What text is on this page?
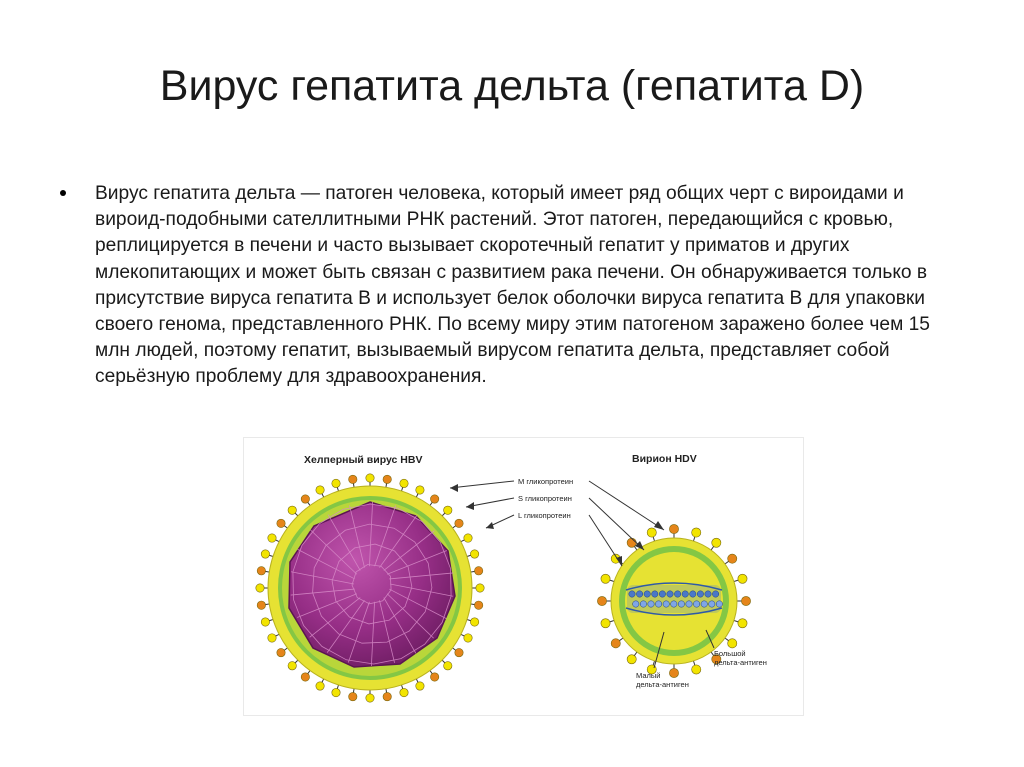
Вирус гепатита дельта (гепатита D)
Вирус гепатита дельта — патоген человека, который имеет ряд общих черт с вироидами и вироид-подобными сателлитными РНК растений. Этот патоген, передающийся с кровью, реплицируется в печени и часто вызывает скоротечный гепатит у приматов и других млекопитающих и может быть связан с развитием рака печени. Он обнаруживается только в присутствие вируса гепатита В и использует белок оболочки вируса гепатита В для упаковки своего генома, представленного РНК. По всему миру этим патогеном заражено более чем 15 млн людей, поэтому гепатит, вызываемый вирусом гепатита дельта, представляет собой серьёзную проблему для здравоохранения.
Хелперный вирус HBV	Вирион HDV
М гликопротеин
S гликопротеин
L гликопротеин
Большой
дельта-антиген
Малый
дельта-антиген
